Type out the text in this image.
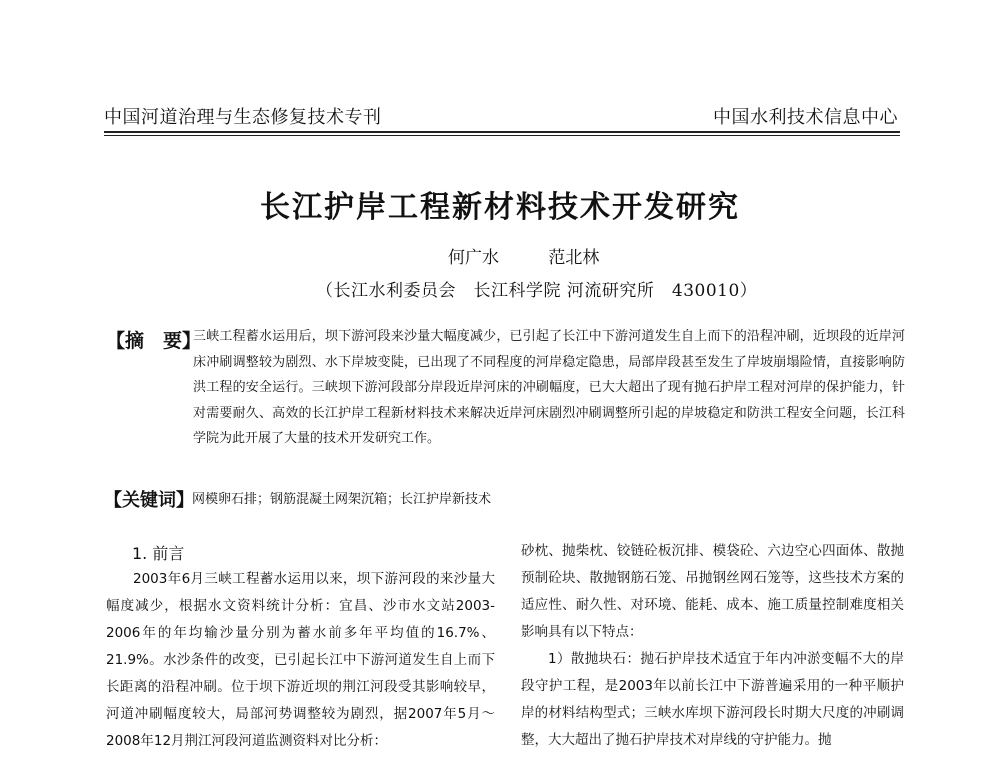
中国河道治理与生态修复技术专刊	中国水利技术信息中心
长江护岸工程新材料技术开发研究
何广水	范北林
（长江水利委员会　长江科学院 河流研究所　430010）
【摘　要】
三峡工程蓄水运用后，坝下游河段来沙量大幅度减少，已引起了长江中下游河道发生自上而下的沿程冲刷，近坝段的近岸河床冲刷调整较为剧烈、水下岸坡变陡，已出现了不同程度的河岸稳定隐患，局部岸段甚至发生了岸坡崩塌险情，直接影响防洪工程的安全运行。三峡坝下游河段部分岸段近岸河床的冲刷幅度，已大大超出了现有抛石护岸工程对河岸的保护能力，针对需要耐久、高效的长江护岸工程新材料技术来解决近岸河床剧烈冲刷调整所引起的岸坡稳定和防洪工程安全问题，长江科学院为此开展了大量的技术开发研究工作。
【关键词】
网模卵石排；钢筋混凝土网架沉箱；长江护岸新技术
1. 前言
2003年6月三峡工程蓄水运用以来，坝下游河段的来沙量大幅度减少，根据水文资料统计分析：宜昌、沙市水文站2003-2006年的年均输沙量分别为蓄水前多年平均值的16.7%、21.9%。水沙条件的改变，已引起长江中下游河道发生自上而下长距离的沿程冲刷。位于坝下游近坝的荆江河段受其影响较早，河道冲刷幅度较大，局部河势调整较为剧烈，据2007年5月～2008年12月荆江河段河道监测资料对比分析：

砂枕、抛柴枕、铰链砼板沉排、模袋砼、六边空心四面体、散抛预制砼块、散抛钢筋石笼、吊抛钢丝网石笼等，这些技术方案的适应性、耐久性、对环境、能耗、成本、施工质量控制难度相关影响具有以下特点：

1）散抛块石：抛石护岸技术适宜于年内冲淤变幅不大的岸段守护工程，是2003年以前长江中下游普遍采用的一种平顺护岸的材料结构型式；三峡水库坝下游河段长时期大尺度的冲刷调整，大大超出了抛石护岸技术对岸线的守护能力。抛
